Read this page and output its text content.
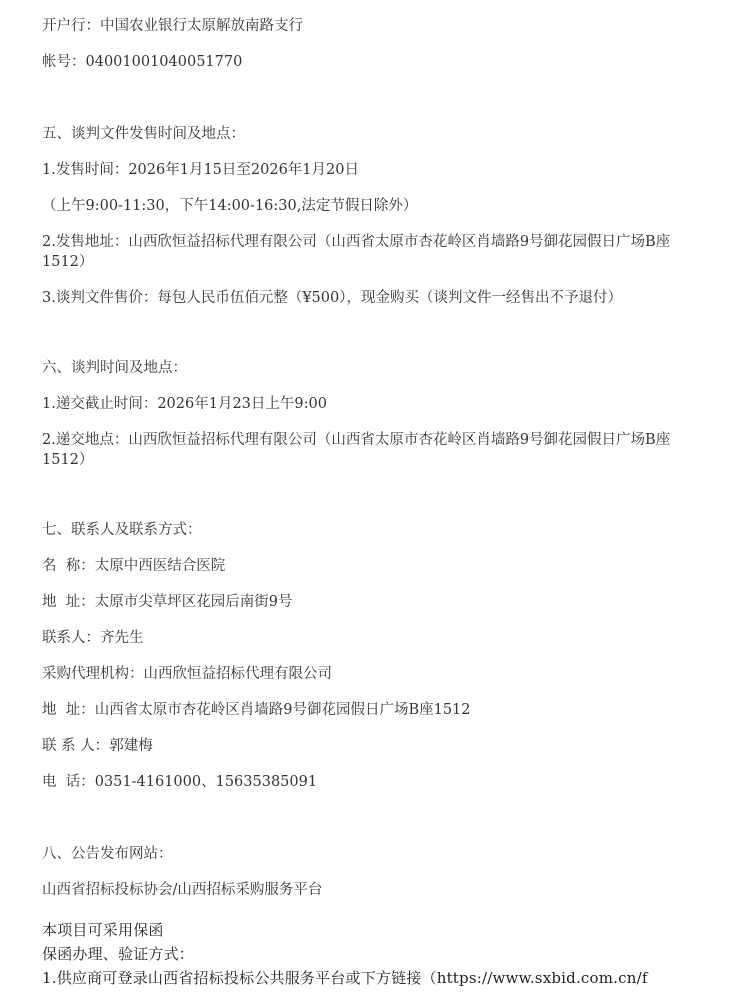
开户行：中国农业银行太原解放南路支行
帐号：04001001040051770
五、谈判文件发售时间及地点：
1.发售时间：2026年1月15日至2026年1月20日
（上午9:00-11:30，下午14:00-16:30,法定节假日除外）
2.发售地址：山西欣恒益招标代理有限公司（山西省太原市杏花岭区肖墙路9号御花园假日广场B座1512）
3.谈判文件售价：每包人民币伍佰元整（¥500），现金购买（谈判文件一经售出不予退付）
六、谈判时间及地点：
1.递交截止时间：2026年1月23日上午9:00
2.递交地点：山西欣恒益招标代理有限公司（山西省太原市杏花岭区肖墙路9号御花园假日广场B座1512）
七、联系人及联系方式：
名  称：太原中西医结合医院
地  址：太原市尖草坪区花园后南街9号
联系人：齐先生
采购代理机构：山西欣恒益招标代理有限公司
地  址：山西省太原市杏花岭区肖墙路9号御花园假日广场B座1512
联 系 人：郭建梅
电  话：0351-4161000、15635385091
八、公告发布网站：
山西省招标投标协会/山西招标采购服务平台
本项目可采用保函
保函办理、验证方式：
1.供应商可登录山西省招标投标公共服务平台或下方链接（https://www.sxbid.com.cn/f
